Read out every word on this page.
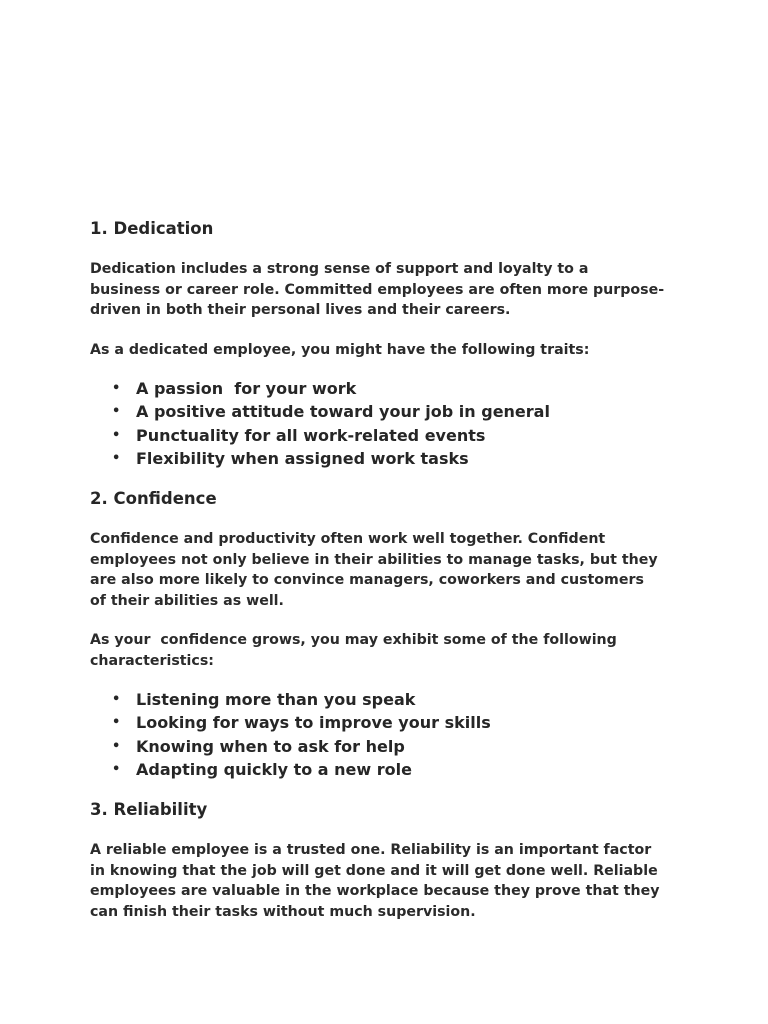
1. Dedication

Dedication includes a strong sense of support and loyalty to a
business or career role. Committed employees are often more purpose-
driven in both their personal lives and their careers.

As a dedicated employee, you might have the following traits:

• A passion  for your work
• A positive attitude toward your job in general
• Punctuality for all work-related events
• Flexibility when assigned work tasks
2. Confidence

Confidence and productivity often work well together. Confident
employees not only believe in their abilities to manage tasks, but they
are also more likely to convince managers, coworkers and customers
of their abilities as well.

As your  confidence grows, you may exhibit some of the following
characteristics:

• Listening more than you speak
• Looking for ways to improve your skills
• Knowing when to ask for help
• Adapting quickly to a new role
3. Reliability

A reliable employee is a trusted one. Reliability is an important factor
in knowing that the job will get done and it will get done well. Reliable
employees are valuable in the workplace because they prove that they
can finish their tasks without much supervision.
